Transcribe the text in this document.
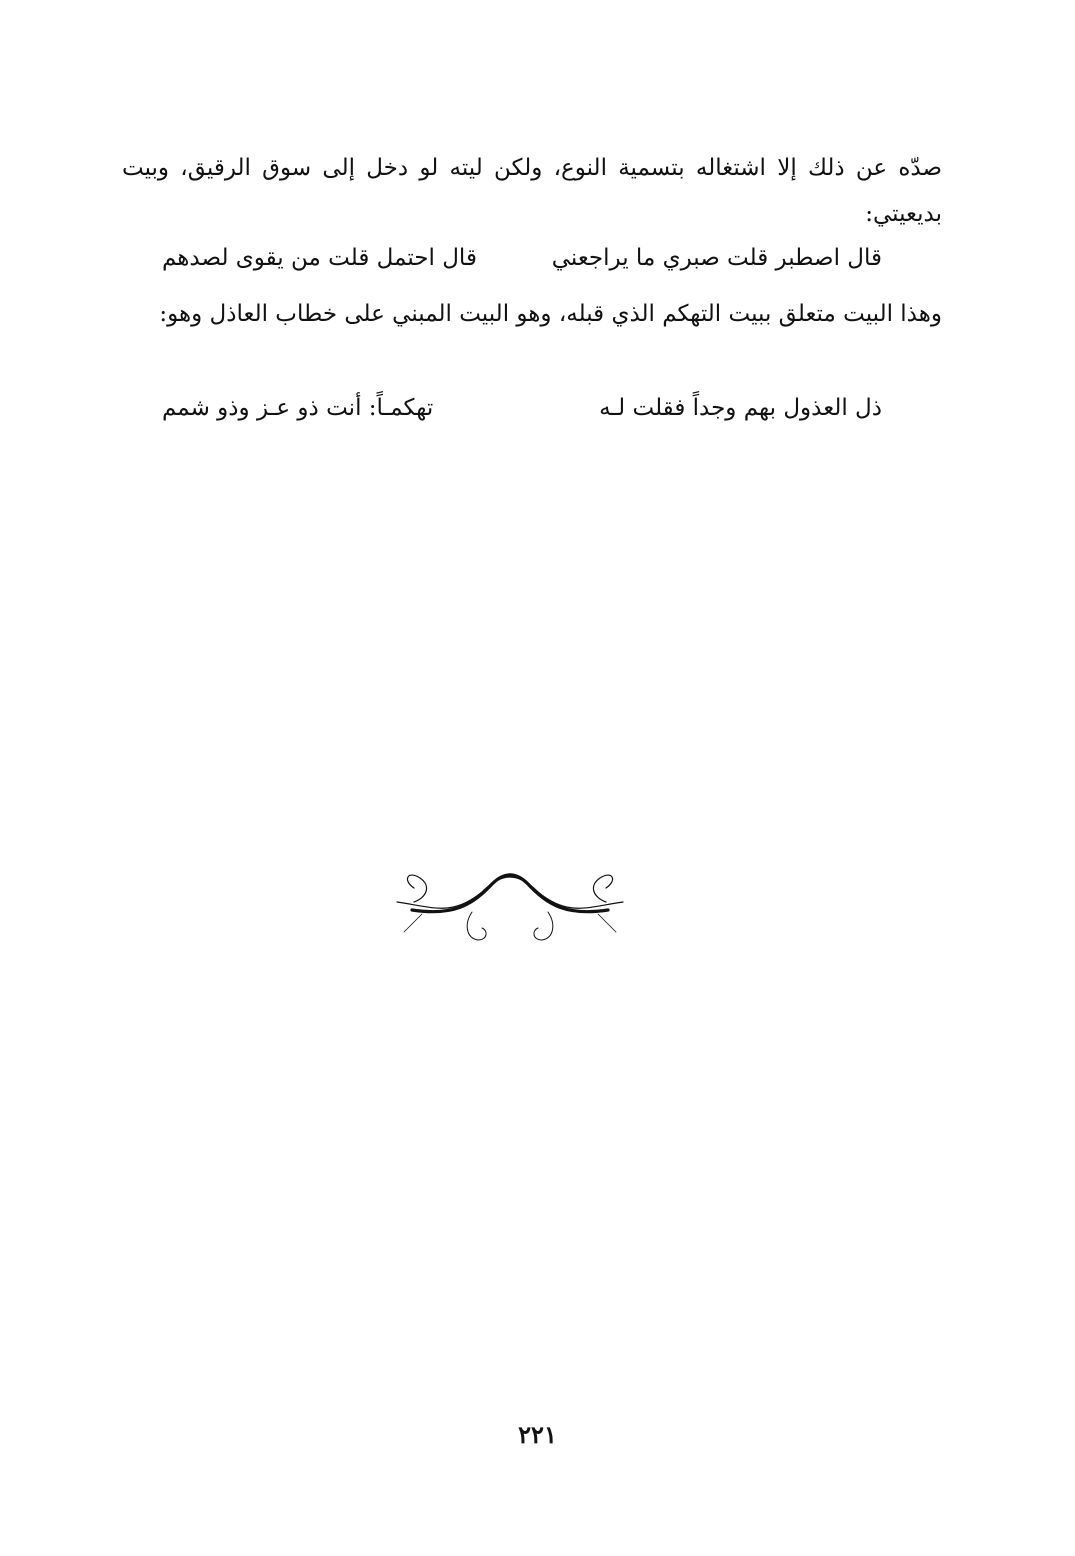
صدّه عن ذلك إلا اشتغاله بتسمية النوع، ولكن ليته لو دخل إلى سوق الرقيق، وبيت بديعيتي:

قال اصطبر قلت صبري ما يراجعني
قال احتمل قلت من يقوى لصدهم

وهذا البيت متعلق ببيت التهكم الذي قبله، وهو البيت المبني على خطاب العاذل وهو:

ذل العذول بهم وجداً فقلت لـه
تهكمـاً: أنت ذو عـز وذو شمم
٢٢١
